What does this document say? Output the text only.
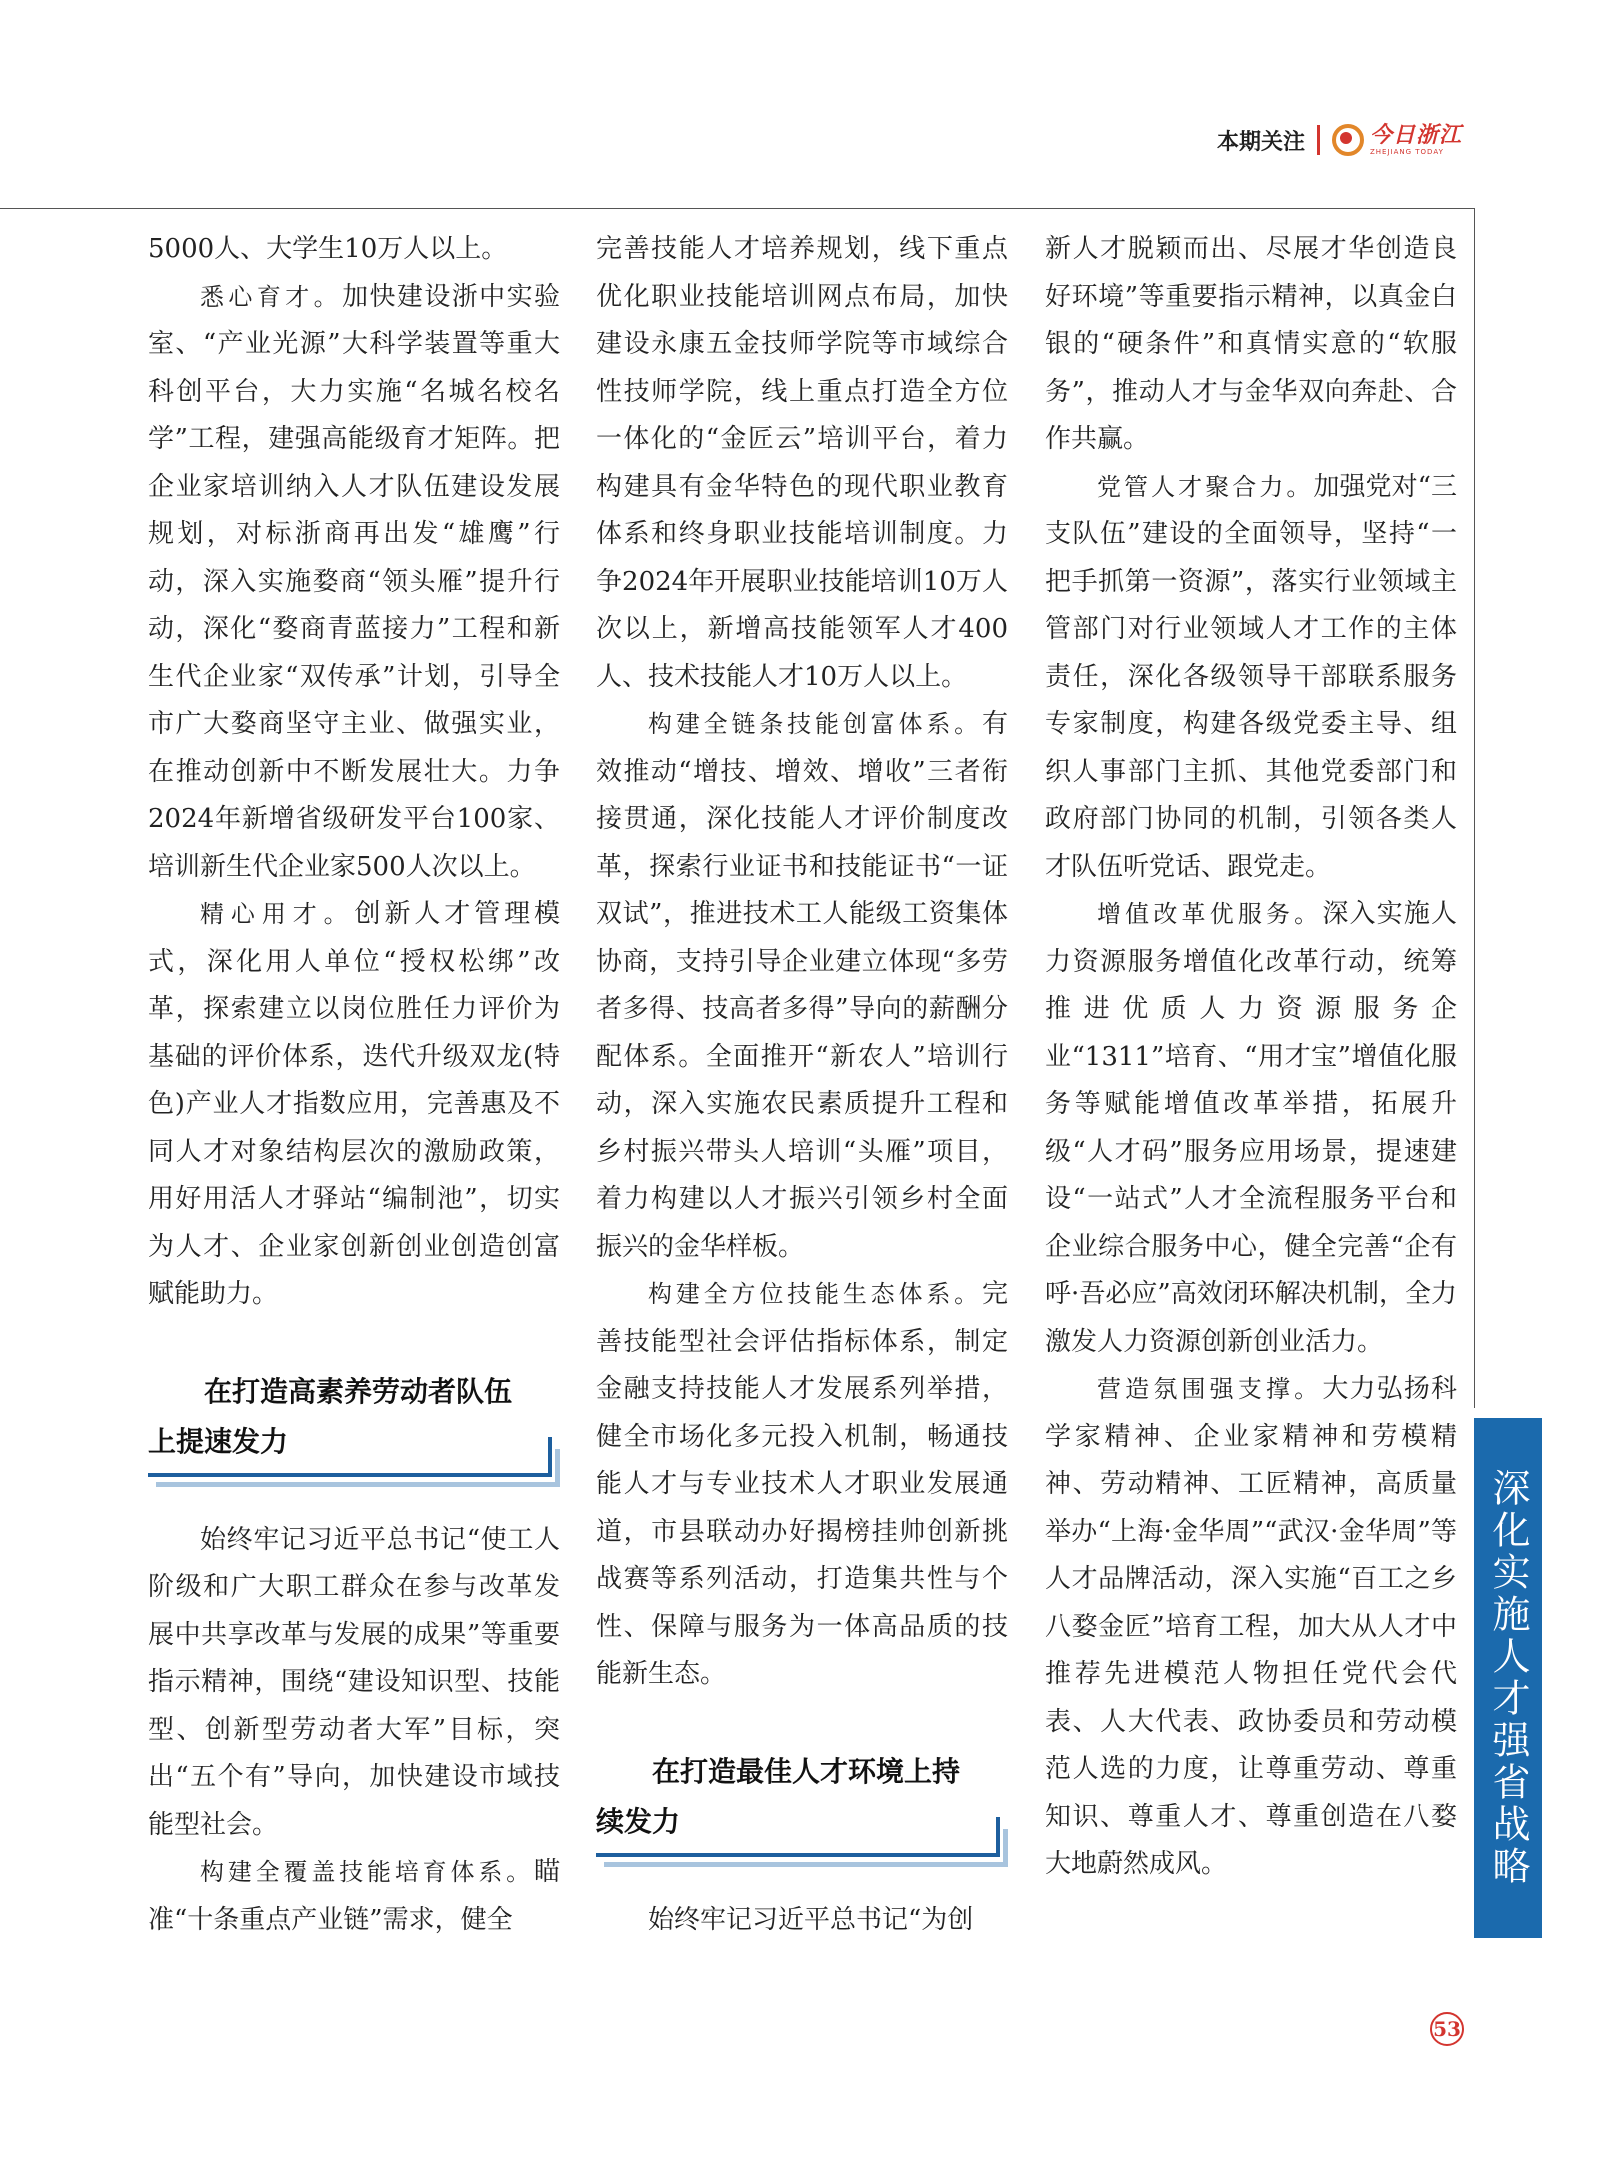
本期关注	今日浙江
ZHEJIANG TODAY

5000人、大学生10万人以上。

悉心育才。加快建设浙中实验室、“产业光源”大科学装置等重大科创平台，大力实施“名城名校名学”工程，建强高能级育才矩阵。把企业家培训纳入人才队伍建设发展规划，对标浙商再出发“雄鹰”行动，深入实施婺商“领头雁”提升行动，深化“婺商青蓝接力”工程和新生代企业家“双传承”计划，引导全市广大婺商坚守主业、做强实业，在推动创新中不断发展壮大。力争2024年新增省级研发平台100家、培训新生代企业家500人次以上。

精心用才。创新人才管理模式，深化用人单位“授权松绑”改革，探索建立以岗位胜任力评价为基础的评价体系，迭代升级双龙(特色)产业人才指数应用，完善惠及不同人才对象结构层次的激励政策，用好用活人才驿站“编制池”，切实为人才、企业家创新创业创造创富赋能助力。

在打造高素养劳动者队伍
上提速发力

始终牢记习近平总书记“使工人阶级和广大职工群众在参与改革发展中共享改革与发展的成果”等重要指示精神，围绕“建设知识型、技能型、创新型劳动者大军”目标，突出“五个有”导向，加快建设市域技能型社会。

构建全覆盖技能培育体系。瞄准“十条重点产业链”需求，健全

完善技能人才培养规划，线下重点优化职业技能培训网点布局，加快建设永康五金技师学院等市域综合性技师学院，线上重点打造全方位一体化的“金匠云”培训平台，着力构建具有金华特色的现代职业教育体系和终身职业技能培训制度。力争2024年开展职业技能培训10万人次以上，新增高技能领军人才400人、技术技能人才10万人以上。

构建全链条技能创富体系。有效推动“增技、增效、增收”三者衔接贯通，深化技能人才评价制度改革，探索行业证书和技能证书“一证双试”，推进技术工人能级工资集体协商，支持引导企业建立体现“多劳者多得、技高者多得”导向的薪酬分配体系。全面推开“新农人”培训行动，深入实施农民素质提升工程和乡村振兴带头人培训“头雁”项目，着力构建以人才振兴引领乡村全面振兴的金华样板。

构建全方位技能生态体系。完善技能型社会评估指标体系，制定金融支持技能人才发展系列举措，健全市场化多元投入机制，畅通技能人才与专业技术人才职业发展通道，市县联动办好揭榜挂帅创新挑战赛等系列活动，打造集共性与个性、保障与服务为一体高品质的技能新生态。

在打造最佳人才环境上持
续发力

始终牢记习近平总书记“为创

新人才脱颖而出、尽展才华创造良好环境”等重要指示精神，以真金白银的“硬条件”和真情实意的“软服务”，推动人才与金华双向奔赴、合作共赢。

党管人才聚合力。加强党对“三支队伍”建设的全面领导，坚持“一把手抓第一资源”，落实行业领域主管部门对行业领域人才工作的主体责任，深化各级领导干部联系服务专家制度，构建各级党委主导、组织人事部门主抓、其他党委部门和政府部门协同的机制，引领各类人才队伍听党话、跟党走。

增值改革优服务。深入实施人力资源服务增值化改革行动，统筹推进优质人力资源服务企业“1311”培育、“用才宝”增值化服务等赋能增值改革举措，拓展升级“人才码”服务应用场景，提速建设“一站式”人才全流程服务平台和企业综合服务中心，健全完善“企有呼·吾必应”高效闭环解决机制，全力激发人力资源创新创业活力。

营造氛围强支撑。大力弘扬科学家精神、企业家精神和劳模精神、劳动精神、工匠精神，高质量举办“上海·金华周”“武汉·金华周”等人才品牌活动，深入实施“百工之乡八婺金匠”培育工程，加大从人才中推荐先进模范人物担任党代会代表、人大代表、政协委员和劳动模范人选的力度，让尊重劳动、尊重知识、尊重人才、尊重创造在八婺大地蔚然成风。	深化实施人才强省战略
53
